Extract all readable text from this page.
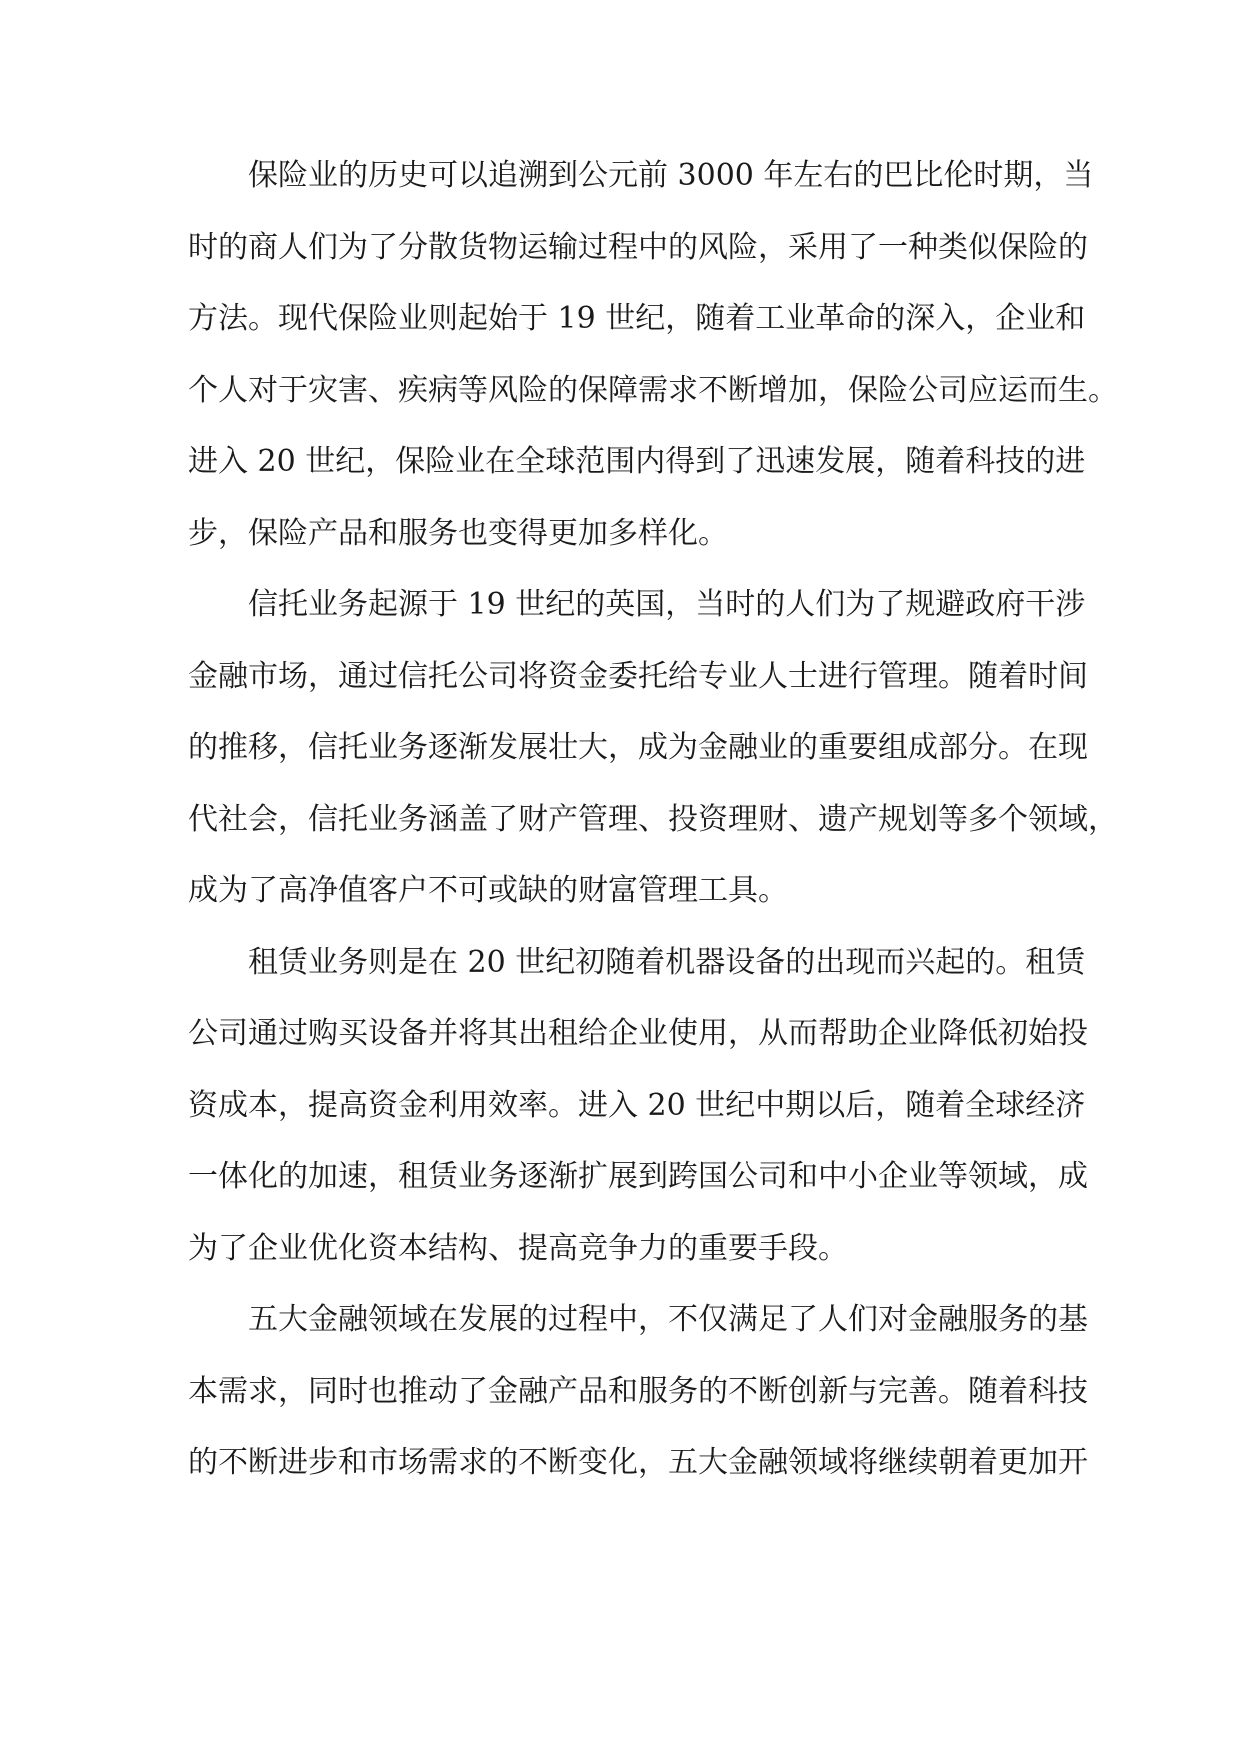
保险业的历史可以追溯到公元前 3000 年左右的巴比伦时期，当
时的商人们为了分散货物运输过程中的风险，采用了一种类似保险的
方法。现代保险业则起始于 19 世纪，随着工业革命的深入，企业和
个人对于灾害、疾病等风险的保障需求不断增加，保险公司应运而生。
进入 20 世纪，保险业在全球范围内得到了迅速发展，随着科技的进
步，保险产品和服务也变得更加多样化。
信托业务起源于 19 世纪的英国，当时的人们为了规避政府干涉
金融市场，通过信托公司将资金委托给专业人士进行管理。随着时间
的推移，信托业务逐渐发展壮大，成为金融业的重要组成部分。在现
代社会，信托业务涵盖了财产管理、投资理财、遗产规划等多个领域，
成为了高净值客户不可或缺的财富管理工具。
租赁业务则是在 20 世纪初随着机器设备的出现而兴起的。租赁
公司通过购买设备并将其出租给企业使用，从而帮助企业降低初始投
资成本，提高资金利用效率。进入 20 世纪中期以后，随着全球经济
一体化的加速，租赁业务逐渐扩展到跨国公司和中小企业等领域，成
为了企业优化资本结构、提高竞争力的重要手段。
五大金融领域在发展的过程中，不仅满足了人们对金融服务的基
本需求，同时也推动了金融产品和服务的不断创新与完善。随着科技
的不断进步和市场需求的不断变化，五大金融领域将继续朝着更加开
